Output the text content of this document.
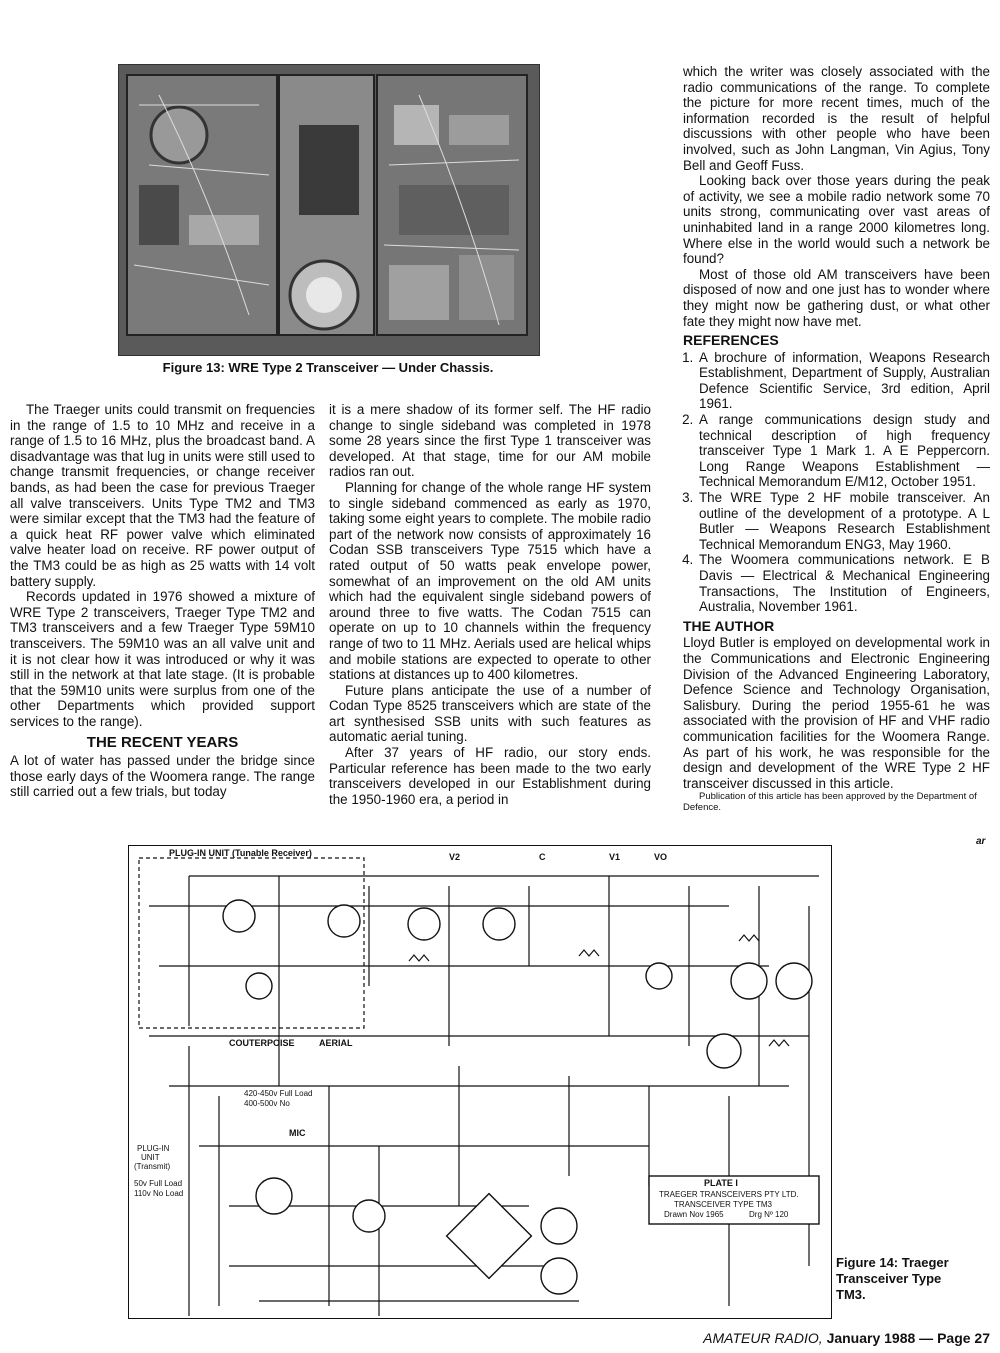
Figure 13: WRE Type 2 Transceiver — Under Chassis.

The Traeger units could transmit on frequencies in the range of 1.5 to 10 MHz and receive in a range of 1.5 to 16 MHz, plus the broadcast band. A disadvantage was that lug in units were still used to change transmit frequencies, or change receiver bands, as had been the case for previous Traeger all valve transceivers. Units Type TM2 and TM3 were similar except that the TM3 had the feature of a quick heat RF power valve which eliminated valve heater load on receive. RF power output of the TM3 could be as high as 25 watts with 14 volt battery supply.

Records updated in 1976 showed a mixture of WRE Type 2 transceivers, Traeger Type TM2 and TM3 transceivers and a few Traeger Type 59M10 transceivers. The 59M10 was an all valve unit and it is not clear how it was introduced or why it was still in the network at that late stage. (It is probable that the 59M10 units were surplus from one of the other Departments which provided support services to the range).

THE RECENT YEARS

A lot of water has passed under the bridge since those early days of the Woomera range. The range still carried out a few trials, but today

it is a mere shadow of its former self. The HF radio change to single sideband was completed in 1978 some 28 years since the first Type 1 transceiver was developed. At that stage, time for our AM mobile radios ran out.

Planning for change of the whole range HF system to single sideband commenced as early as 1970, taking some eight years to complete. The mobile radio part of the network now consists of approximately 16 Codan SSB transceivers Type 7515 which have a rated output of 50 watts peak envelope power, somewhat of an improvement on the old AM units which had the equivalent single sideband powers of around three to five watts. The Codan 7515 can operate on up to 10 channels within the frequency range of two to 11 MHz. Aerials used are helical whips and mobile stations are expected to operate to other stations at distances up to 400 kilometres.

Future plans anticipate the use of a number of Codan Type 8525 transceivers which are state of the art synthesised SSB units with such features as automatic aerial tuning.

After 37 years of HF radio, our story ends. Particular reference has been made to the two early transceivers developed in our Establishment during the 1950-1960 era, a period in

which the writer was closely associated with the radio communications of the range. To complete the picture for more recent times, much of the information recorded is the result of helpful discussions with other people who have been involved, such as John Langman, Vin Agius, Tony Bell and Geoff Fuss.

Looking back over those years during the peak of activity, we see a mobile radio network some 70 units strong, communicating over vast areas of uninhabited land in a range 2000 kilometres long. Where else in the world would such a network be found?

Most of those old AM transceivers have been disposed of now and one just has to wonder where they might now be gathering dust, or what other fate they might now have met.

REFERENCES
1. A brochure of information, Weapons Research Establishment, Department of Supply, Australian Defence Scientific Service, 3rd edition, April 1961.
2. A range communications design study and technical description of high frequency transceiver Type 1 Mark 1. A E Peppercorn. Long Range Weapons Establishment — Technical Memorandum E/M12, October 1951.
3. The WRE Type 2 HF mobile transceiver. An outline of the development of a prototype. A L Butler — Weapons Research Establishment Technical Memorandum ENG3, May 1960.
4. The Woomera communications network. E B Davis — Electrical & Mechanical Engineering Transactions, The Institution of Engineers, Australia, November 1961.
THE AUTHOR

Lloyd Butler is employed on developmental work in the Communications and Electronic Engineering Division of the Advanced Engineering Laboratory, Defence Science and Technology Organisation, Salisbury. During the period 1955-61 he was associated with the provision of HF and VHF radio communication facilities for the Woomera Range. As part of his work, he was responsible for the design and development of the WRE Type 2 HF transceiver discussed in this article.

Publication of this article has been approved by the Department of Defence.

ar
PLUG-IN UNIT (Tunable Receiver)	V2	C	V1	VO
COUTERPOISE	AERIAL
420-450v Full Load
400-500v No
MIC
PLUG-IN
UNIT
(Transmit)
50v Full Load
110v No Load
PLATE I
TRAEGER TRANSCEIVERS PTY LTD.
TRANSCEIVER TYPE TM3
Drawn Nov 1965	Drg Nº 120
Figure 14: Traeger Transceiver Type TM3.
AMATEUR RADIO, January 1988 — Page 27
